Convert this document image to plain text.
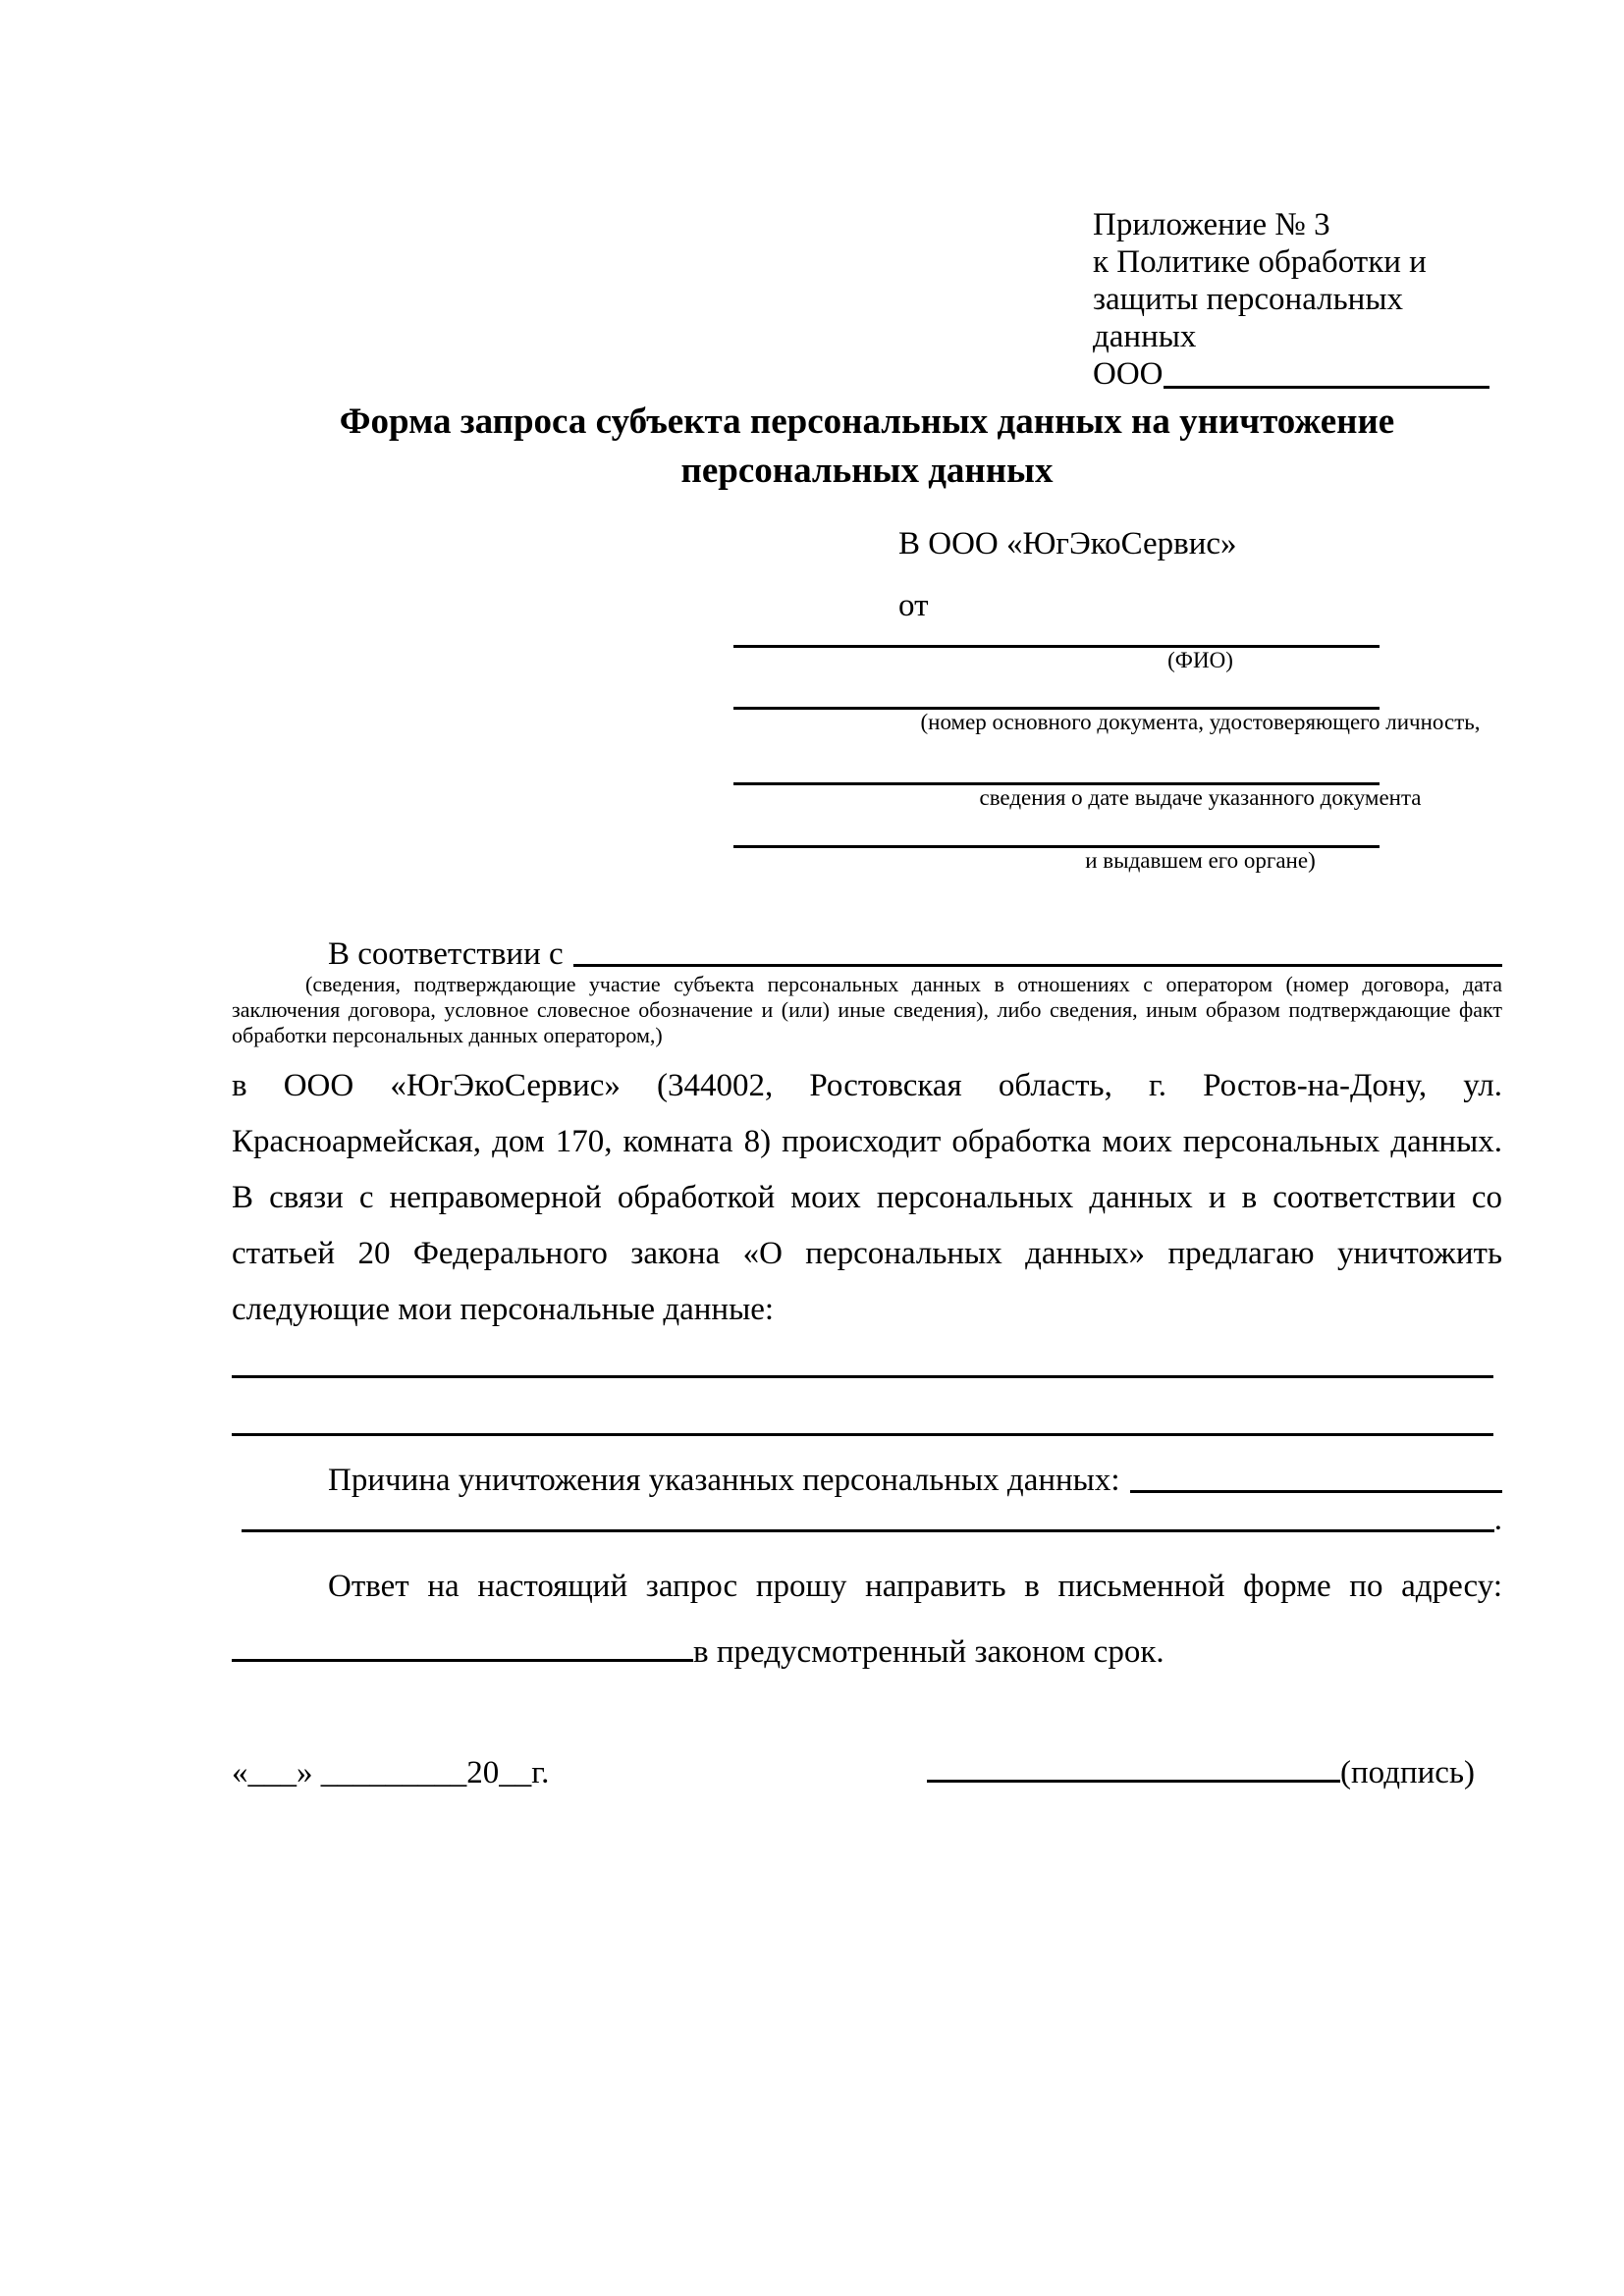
Приложение № 3
к Политике обработки и
защиты персональных данных
ООО
Форма запроса субъекта персональных данных на уничтожение
персональных данных
В ООО «ЮгЭкоСервис»
от
(ФИО)
(номер основного документа, удостоверяющего личность,
сведения о дате выдаче указанного документа
и выдавшем его органе)
В соответствии с
(сведения, подтверждающие участие субъекта персональных данных в отношениях с оператором (номер договора, дата
заключения договора, условное словесное обозначение и (или) иные сведения), либо сведения, иным образом подтверждающие факт
обработки персональных данных оператором,)
в ООО «ЮгЭкоСервис» (344002, Ростовская область, г. Ростов-на-Дону, ул.
Красноармейская, дом 170, комната 8) происходит обработка моих персональных данных.
В связи с неправомерной обработкой моих персональных данных и в соответствии со
статьей 20 Федерального закона «О персональных данных» предлагаю уничтожить
следующие мои персональные данные:
Причина уничтожения указанных персональных данных:
.
Ответ на настоящий запрос прошу направить в письменной форме по адресу:
в предусмотренный законом срок.
«___» _________20__г.	(подпись)
